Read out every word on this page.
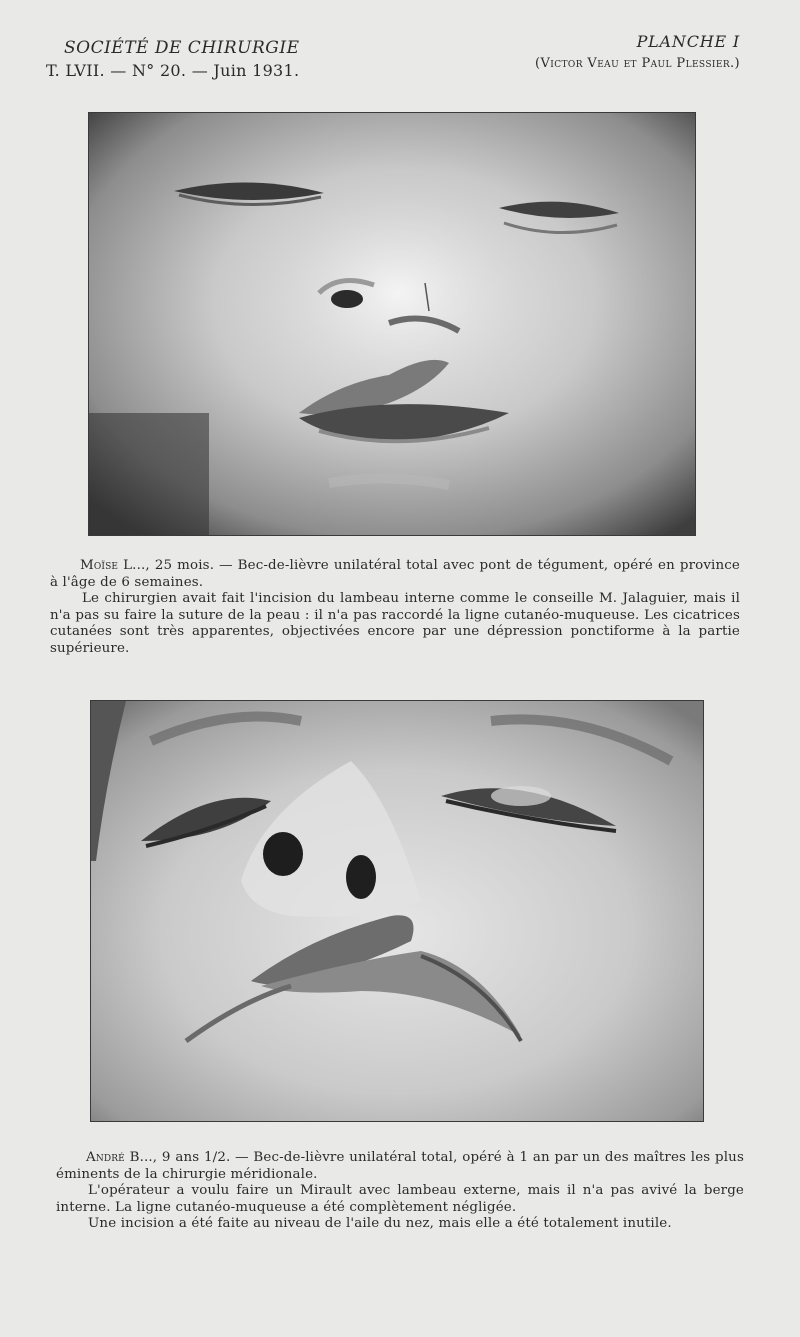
SOCIÉTÉ DE CHIRURGIE
T. LVII. — N° 20. — Juin 1931.
PLANCHE I
(Victor Veau et Paul Plessier.)

Moïse L..., 25 mois. — Bec-de-lièvre unilatéral total avec pont de tégument, opéré en province à l'âge de 6 semaines.

Le chirurgien avait fait l'incision du lambeau interne comme le conseille M. Jalaguier, mais il n'a pas su faire la suture de la peau : il n'a pas raccordé la ligne cutanéo-muqueuse. Les cicatrices cutanées sont très apparentes, objectivées encore par une dépression ponctiforme à la partie supérieure.

André B..., 9 ans 1/2. — Bec-de-lièvre unilatéral total, opéré à 1 an par un des maîtres les plus éminents de la chirurgie méridionale.

L'opérateur a voulu faire un Mirault avec lambeau externe, mais il n'a pas avivé la berge interne. La ligne cutanéo-muqueuse a été complètement négligée.

Une incision a été faite au niveau de l'aile du nez, mais elle a été totalement inutile.
